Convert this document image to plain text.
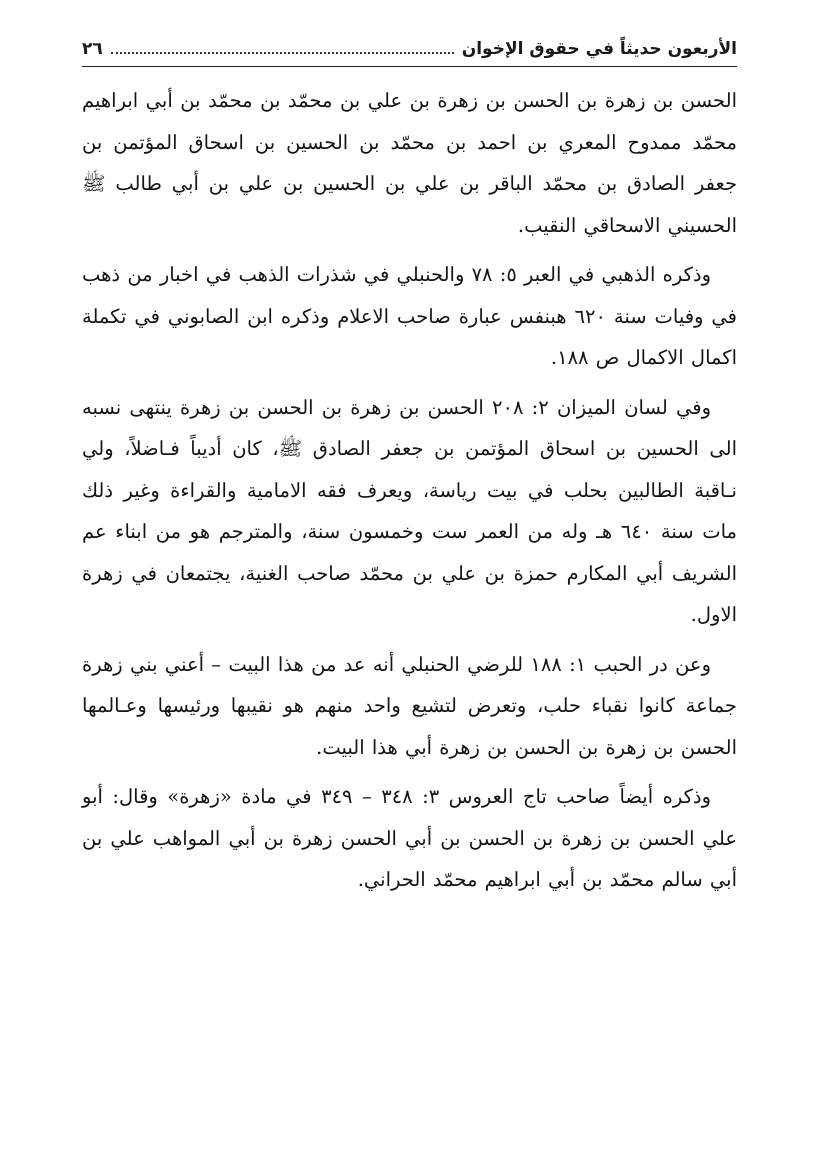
الأربعون حديثاً في حقوق الإخوان
٢٦

الحسن بن زهرة بن الحسن بن زهرة بن علي بن محمّد بن محمّد بن أبي ابراهيم محمّد ممدوح المعري بن احمد بن محمّد بن الحسين بن اسحاق المؤتمن بن جعفر الصادق بن محمّد الباقر بن علي بن الحسين بن علي بن أبي طالب ﷺ الحسيني الاسحاقي النقيب.

وذكره الذهبي في العبر ٥: ٧٨ والحنبلي في شذرات الذهب في اخبار من ذهب في وفيات سنة ٦٢٠ هبنفس عبارة صاحب الاعلام وذكره ابن الصابوني في تكملة اكمال الاكمال ص ١٨٨.

وفي لسان الميزان ٢: ٢٠٨ الحسن بن زهرة بن الحسن بن زهرة ينتهى نسبه الى الحسين بن اسحاق المؤتمن بن جعفر الصادق ﷺ، كان أديباً فـاضلاً، ولي نـاقبة الطالبين بحلب في بيت رياسة، ويعرف فقه الامامية والقراءة وغير ذلك مات سنة ٦٤٠ هـ وله من العمر ست وخمسون سنة، والمترجم هو من ابناء عم الشريف أبي المكارم حمزة بن علي بن محمّد صاحب الغنية، يجتمعان في زهرة الاول.

وعن در الحبب ١: ١٨٨ للرضي الحنبلي أنه عد من هذا البيت – أعني بني زهرة جماعة كانوا نقباء حلب، وتعرض لتشيع واحد منهم هو نقيبها ورئيسها وعـالمها الحسن بن زهرة بن الحسن بن زهرة أبي هذا البيت.

وذكره أيضاً صاحب تاج العروس ٣: ٣٤٨ – ٣٤٩ في مادة «زهرة» وقال: أبو علي الحسن بن زهرة بن الحسن بن أبي الحسن زهرة بن أبي المواهب علي بن أبي سالم محمّد بن أبي ابراهيم محمّد الحراني.
